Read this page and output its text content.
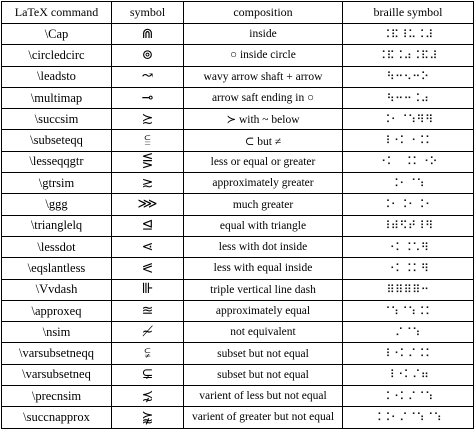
LaTeX command	symbol	composition	braille symbol
\Cap	⋒	inside	⠨⠯⠸⠥⠨⠼
\circledcirc	⊚	○ inside circle	⠨⠯⠨⠴⠨⠯⠼
\leadsto	↝	wavy arrow shaft + arrow	⠳⠒⠢⠒⠕
\multimap	⊸	arrow saft ending in ○	⠳⠒⠒⠨⠴
\succsim	≿	≻ with ~ below	⠨⠂⠈⠱⠻⠻
\subseteqq	⫅	⊂ but ≠	⠸⠐⠅⠐⠨⠅
\lesseqqgtr	⋚	less or equal or greater	⠐⠅⠀⠨⠅⠐⠕
\gtrsim	≳	approximately greater	⠨⠂⠈⠱
\ggg	⋙	much greater	⠨⠂⠨⠂⠨⠂
\trianglelq	⊴	equal with triangle	⠸⠾⠫⠞⠸⠻
\lessdot	⋖	less with dot inside	⠐⠅⠨⠡⠻
\eqslantless	⪕	less with equal inside	⠐⠅⠨⠅⠻
\Vvdash	⊪	triple vertical line dash	⠿⠿⠿⠿⠒
\approxeq	≊	approximately equal	⠈⠱⠈⠱⠨⠅
\nsim	≁	not equivalent	⠌⠈⠱
\varsubsetneqq	⫋	subset but not equal	⠸⠐⠅⠌⠨⠅
\varsubsetneq	⊊	subset but not equal	⠸⠐⠅⠌⠶
\precnsim	⋨	varient of less but not equal	⠨⠐⠅⠌⠈⠱
\succnapprox	⪺	varient of greater but not equal	⠨⠨⠂⠌⠈⠱⠈⠱
